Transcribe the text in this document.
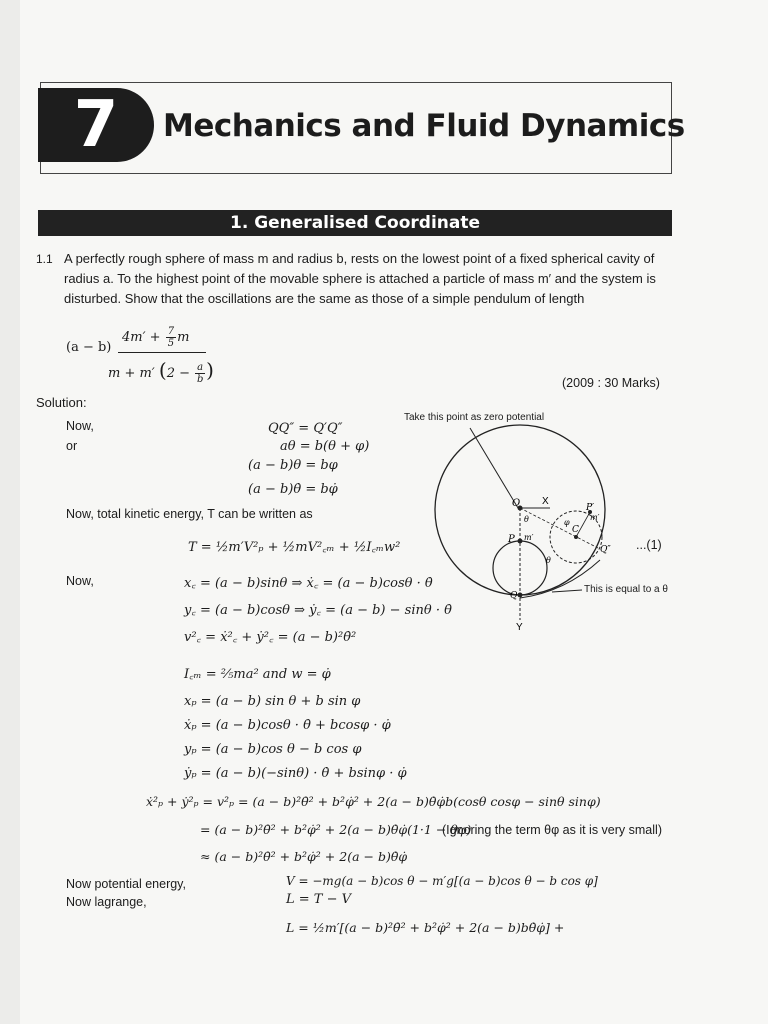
7	Mechanics and Fluid Dynamics
1. Generalised Coordinate
1.1 A perfectly rough sphere of mass m and radius b, rests on the lowest point of a fixed spherical cavity of radius a. To the highest point of the movable sphere is attached a particle of mass m′ and the system is disturbed. Show that the oscillations are the same as those of a simple pendulum of length
(a − b)
$4m' + \frac{7}{5}$ m
m + m′ ($2 - \frac{a}{b}$ )
(2009 : 30 Marks)
Solution:
Now,
or
QQ″ = Q′Q″
aθ = b(θ + φ)
(a − b)θ = bφ
(a − b)θ̇ = bφ̇
Now, total kinetic energy, T can be written as
T = ½m′V²ₚ + ½mV²꜀ₘ + ½I꜀ₘw²	...(1)
Now,	x꜀ = (a − b)sinθ ⇒ ẋ꜀ = (a − b)cosθ · θ̇
y꜀ = (a − b)cosθ ⇒ ẏ꜀ = (a − b) − sinθ · θ̇
v²꜀ = ẋ²꜀ + ẏ²꜀ = (a − b)²θ̇²
I꜀ₘ = ⅖ma² and w = φ̇
xₚ = (a − b) sin θ + b sin φ
ẋₚ = (a − b)cosθ · θ̇ + bcosφ · φ̇
yₚ = (a − b)cos θ − b cos φ
ẏₚ = (a − b)(−sinθ) · θ̇ + bsinφ · φ̇
ẋ²ₚ + ẏ²ₚ = v²ₚ = (a − b)²θ̇² + b²φ̇² + 2(a − b)θ̇φ̇b(cosθ cosφ − sinθ sinφ)
= (a − b)²θ̇² + b²φ̇² + 2(a − b)θ̇φ̇(1·1 − θφ)
(Ignoring the term θφ as it is very small)
≈ (a − b)²θ̇² + b²φ̇² + 2(a − b)θ̇φ̇
Now potential energy,	V = −mg(a − b)cos θ − m′g[(a − b)cos θ − b cos φ]
Now lagrange,	L = T − V
L = ½m′[(a − b)²θ̇² + b²φ̇² + 2(a − b)bθ̇φ̇] +
Take this point as zero potential
This is equal to a θ
O X
Y
P m′
P′
m′
C
Q
Q″
θ
θ
φ
